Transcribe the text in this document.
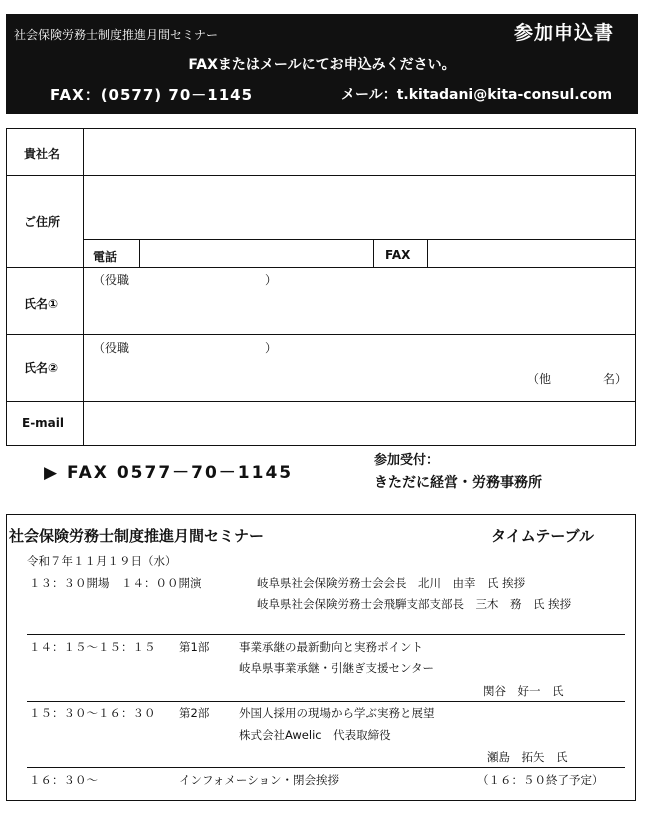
社会保険労務士制度推進月間セミナー	参加申込書
FAXまたはメールにてお申込みください。
FAX：(0577) 70－1145	メール：t.kitadani@kita-consul.com
貴社名
ご住所
電話	FAX
氏名①
（役職	）
氏名②
（役職	）
（他	名）
E-mail
▶ FAX 0577－70－1145
参加受付：
きただに経営・労務事務所
社会保険労務士制度推進月間セミナー	タイムテーブル
令和７年１１月１９日（水）
１３：３０開場　１４：００開演	岐阜県社会保険労務士会会長　北川　由幸　氏 挨拶
岐阜県社会保険労務士会飛騨支部支部長　三木　務　氏 挨拶
１４：１５～１５：１５ 第1部	事業承継の最新動向と実務ポイント
岐阜県事業承継・引継ぎ支援センター
関谷　好一　氏
１５：３０～１６：３０ 第2部	外国人採用の現場から学ぶ実務と展望
株式会社Awelic　代表取締役
瀬島　拓矢　氏
１６：３０～	インフォメーション・閉会挨拶	（１６：５０終了予定）
